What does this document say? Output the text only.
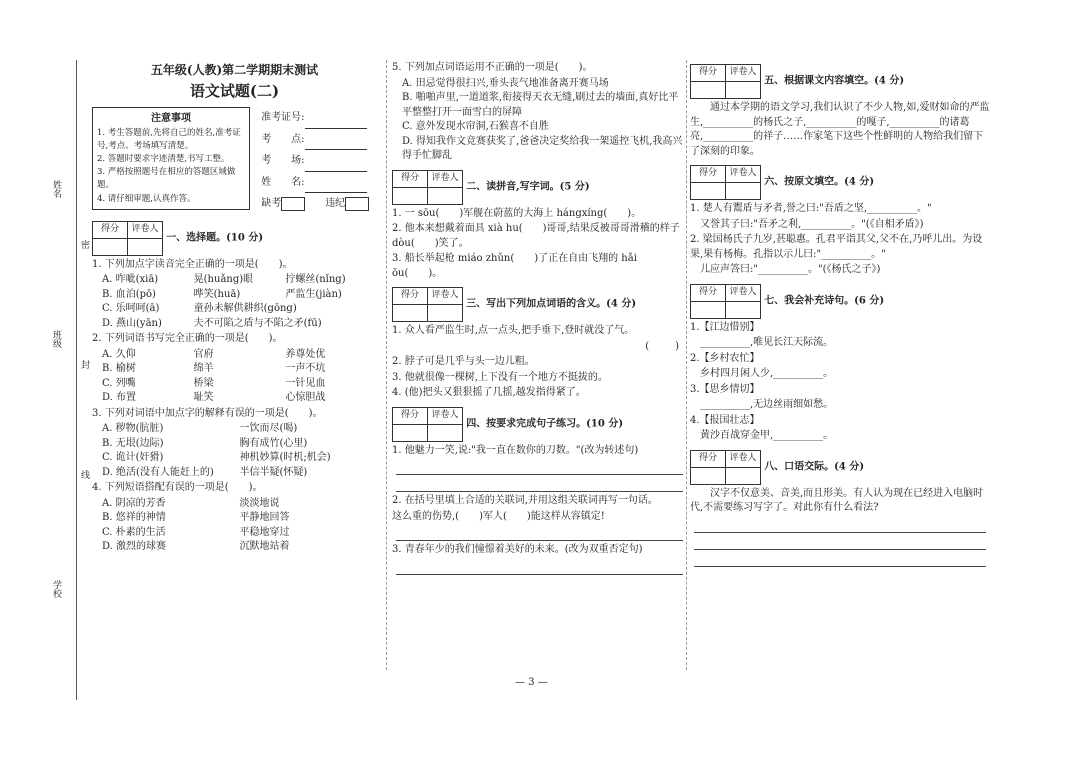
姓名
班级
学校
密
封
线
五年级(人教)第二学期期末测试
语文试题(二)
注意事项
1. 考生答题前,先将自己的姓名,准考证号,考点、考场填写清楚。
2. 答题时要求字迹清楚,书写工整。
3. 严格按照题号在相应的答题区域做题。
4. 请仔细审题,认真作答。

准考证号:
考　　点:
考　　场:
姓　　名:
缺考　　	违纪
得分	评卷人
	一、选择题。(10 分)
1. 下列加点字读音完全正确的一项是(　　)。
A. 咋呲(xiā)	晃(huǎng)眼	拧螺丝(nǐng)
B. 血泊(pō)	哗笑(huā)	严监生(jiàn)
C. 乐呵呵(ā)	童孙未解供耕织(gōng)
D. 燕山(yān)	夫不可陷之盾与不陷之矛(fū)
2. 下列词语书写完全正确的一项是(　　)。
A. 久仰	官府	养尊处优
B. 榆树	绵羊	一声不坑
C. 列嘴	桥梁	一针见血
D. 布置	耻笑	心惊胆战
3. 下列对词语中加点字的解释有误的一项是(　　)。
A. 秽物(肮脏)	一饮而尽(喝)
B. 无垠(边际)	胸有成竹(心里)
C. 诡计(奸猾)	神机妙算(时机;机会)
D. 绝活(没有人能赶上的)	半信半疑(怀疑)
4. 下列短语搭配有误的一项是(　　)。
A. 阴凉的芳香	淡淡地说
B. 悠祥的神情	平静地回答
C. 朴素的生活	平稳地穿过
D. 激烈的球赛	沉默地站着
5. 下列加点词语运用不正确的一项是(　　)。
A. 田忌觉得很扫兴,垂头丧气地准备离开赛马场
B. 啪啪声里,一道道浆,衔接得天衣无缝,刷过去的墙面,真好比平平整整打开一面雪白的屏障
C. 意外发现水帘洞,石猴喜不自胜
D. 得知我作文竞赛获奖了,爸爸决定奖给我一架遥控飞机,我高兴得手忙脚乱
得分	评卷人
	二、读拼音,写字词。(5 分)
1. 一 sōu(　　)军舰在蔚蓝的大海上 hángxíng(　　)。
2. 他本来想戴着面具 xià hu(　　)哥哥,结果反被哥哥滑稽的样子 dòu(　　)笑了。
3. 船长举起枪 miáo zhǔn(　　)了正在自由飞翔的 hǎi ōu(　　)。
得分	评卷人
	三、写出下列加点词语的含义。(4 分)
1. 众人看严监生时,点一点头,把手垂下,登时就没了气。
(　)
2. 脖子可是几乎与头一边儿粗。
3. 他就很像一棵树,上下没有一个地方不挺拔的。
4. (他)把头又狠狠摇了几摇,越发指得紧了。
得分	评卷人
	四、按要求完成句子练习。(10 分)
1. 他魅力一笑,说:"我一直在数你的刀数。"(改为转述句)
2. 在括号里填上合适的关联词,并用这组关联词再写一句话。
这么重的伤势,(　　)军人(　　)能这样从容镇定!
3. 青春年少的我们憧憬着美好的未来。(改为双重否定句)
得分	评卷人
	五、根据课文内容填空。(4 分)

通过本学期的语文学习,我们认识了不少人物,如,爱财如命的严监生,__________的杨氏之子,__________的嘎子,__________的诸葛亮,__________的祥子……作家笔下这些个性鲜明的人物给我们留下了深刻的印象。

得分	评卷人
	六、按原文填空。(4 分)
1. 楚人有鬻盾与矛者,誉之曰:"吾盾之坚,__________。"
又誉其子曰:"吾矛之利,__________。"(《自相矛盾》)
2. 梁国杨氏子九岁,甚聪惠。孔君平诣其父,父不在,乃呼儿出。为设果,果有杨梅。孔指以示儿曰:"__________。"
儿应声答曰:"__________。"(《杨氏之子》)
得分	评卷人
	七、我会补充诗句。(6 分)
1.【江边惜别】
__________,唯见长江天际流。
2.【乡村农忙】
乡村四月闲人少,__________。
3.【思乡情切】
__________,无边丝雨细如愁。
4.【报国壮志】
黄沙百战穿金甲,__________。
得分	评卷人
	八、口语交际。(4 分)

汉字不仅意美、音美,而且形美。有人认为现在已经进入电脑时代,不需要练习写字了。对此你有什么看法?

— 3 —
